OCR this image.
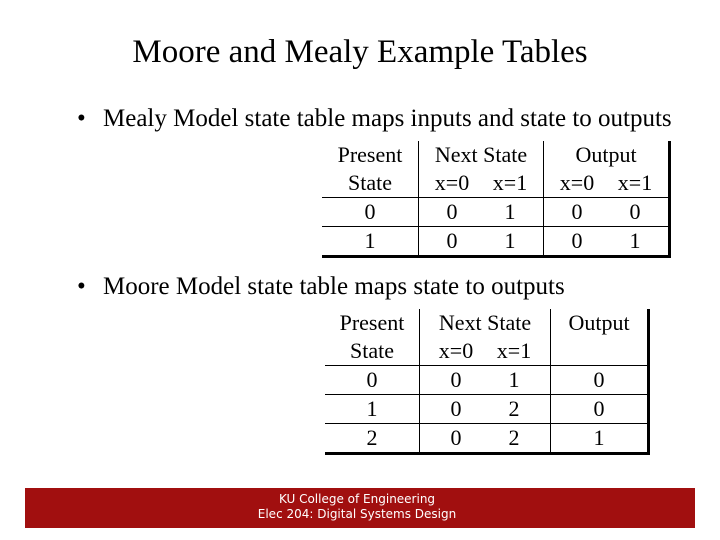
Moore and Mealy Example Tables
• Mealy Model state table maps inputs and state to outputs
Present	Next State	Output
State	x=0 x=1	x=0 x=1
0	0 1	0 0
1	0 1	0 1
• Moore Model state table maps state to outputs
Present	Next State	Output
State	x=0 x=1	
0	0 1	0
1	0 2	0
2	0 2	1
KU College of Engineering
Elec 204: Digital Systems Design
